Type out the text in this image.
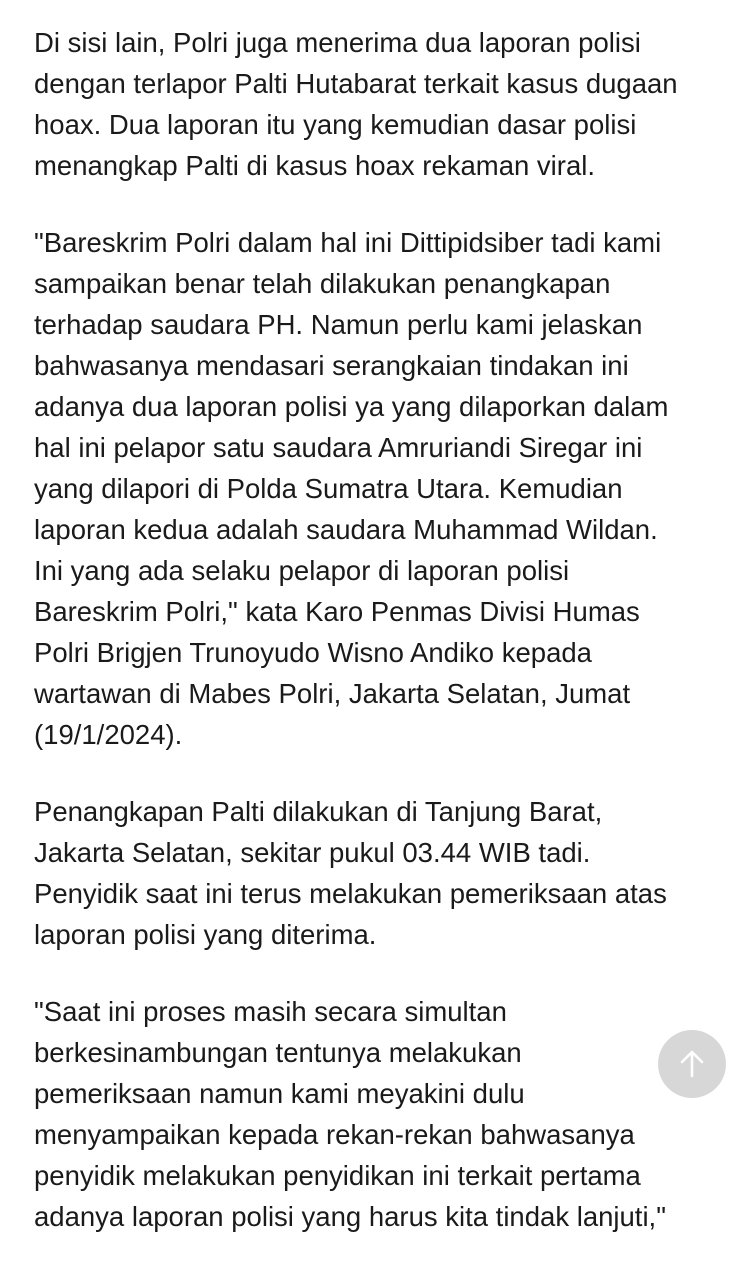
Di sisi lain, Polri juga menerima dua laporan polisi
dengan terlapor Palti Hutabarat terkait kasus dugaan
hoax. Dua laporan itu yang kemudian dasar polisi
menangkap Palti di kasus hoax rekaman viral.

"Bareskrim Polri dalam hal ini Dittipidsiber tadi kami
sampaikan benar telah dilakukan penangkapan
terhadap saudara PH. Namun perlu kami jelaskan
bahwasanya mendasari serangkaian tindakan ini
adanya dua laporan polisi ya yang dilaporkan dalam
hal ini pelapor satu saudara Amruriandi Siregar ini
yang dilapori di Polda Sumatra Utara. Kemudian
laporan kedua adalah saudara Muhammad Wildan.
Ini yang ada selaku pelapor di laporan polisi
Bareskrim Polri," kata Karo Penmas Divisi Humas
Polri Brigjen Trunoyudo Wisno Andiko kepada
wartawan di Mabes Polri, Jakarta Selatan, Jumat
(19/1/2024).

Penangkapan Palti dilakukan di Tanjung Barat,
Jakarta Selatan, sekitar pukul 03.44 WIB tadi.
Penyidik saat ini terus melakukan pemeriksaan atas
laporan polisi yang diterima.

"Saat ini proses masih secara simultan
berkesinambungan tentunya melakukan
pemeriksaan namun kami meyakini dulu
menyampaikan kepada rekan-rekan bahwasanya
penyidik melakukan penyidikan ini terkait pertama
adanya laporan polisi yang harus kita tindak lanjuti,"
